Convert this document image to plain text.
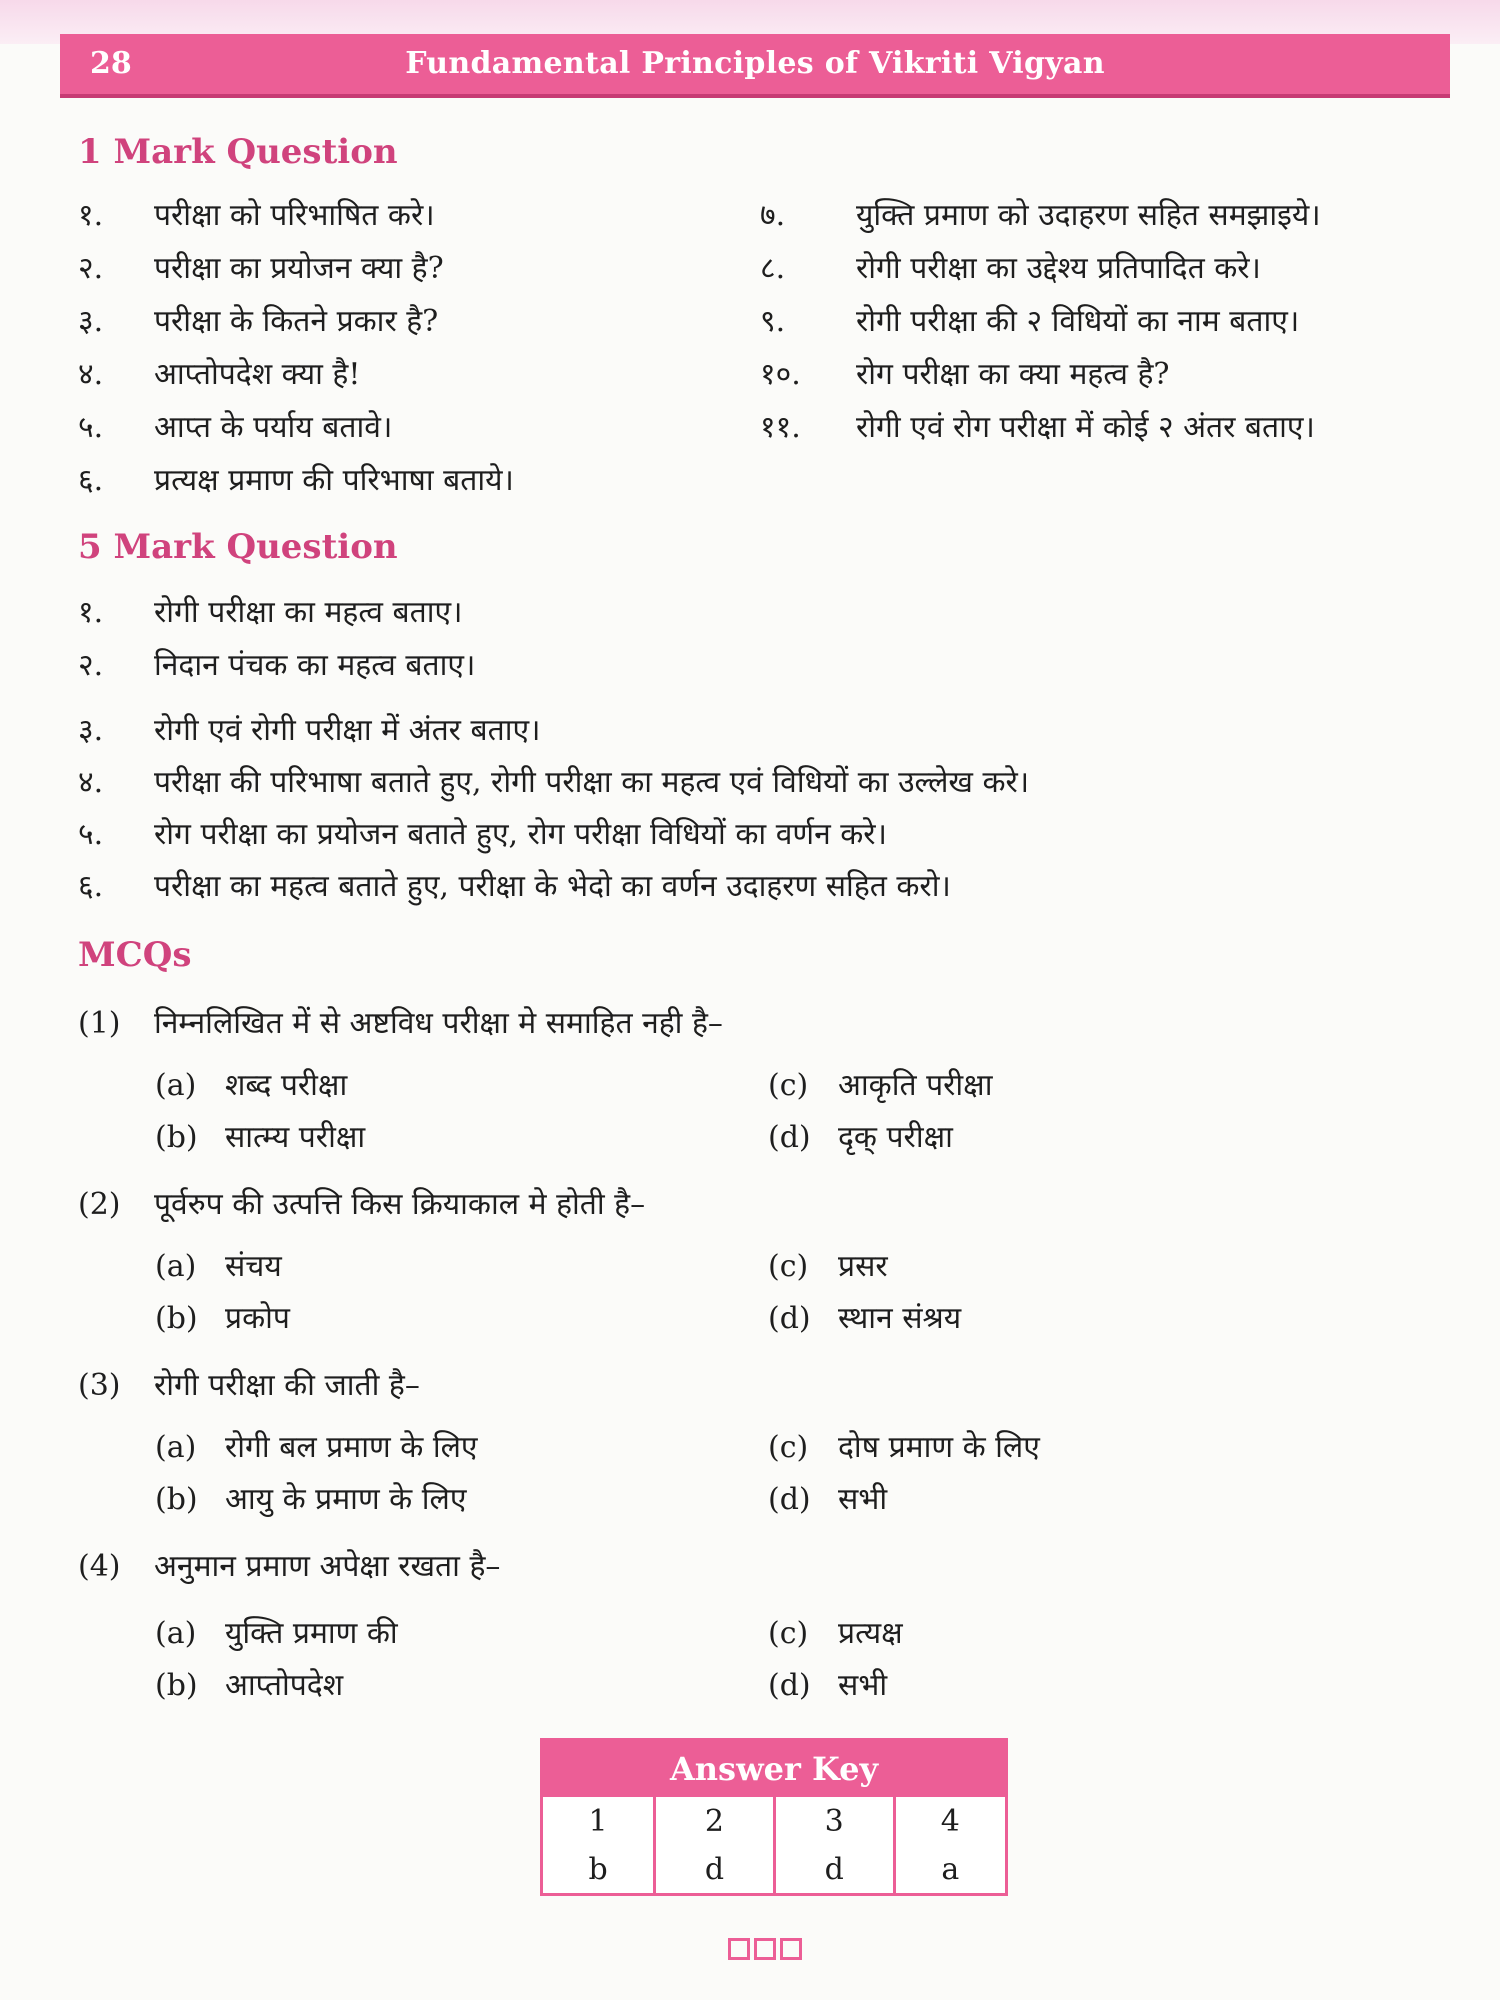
28	Fundamental Principles of Vikriti Vigyan
1 Mark Question
१. परीक्षा को परिभाषित करे।
२. परीक्षा का प्रयोजन क्या है?
३. परीक्षा के कितने प्रकार है?
४. आप्तोपदेश क्या है!
५. आप्त के पर्याय बतावे।
६. प्रत्यक्ष प्रमाण की परिभाषा बताये।
७. युक्ति प्रमाण को उदाहरण सहित समझाइये।
८. रोगी परीक्षा का उद्देश्य प्रतिपादित करे।
९. रोगी परीक्षा की २ विधियों का नाम बताए।
१०. रोग परीक्षा का क्या महत्व है?
११. रोगी एवं रोग परीक्षा में कोई २ अंतर बताए।
5 Mark Question
१. रोगी परीक्षा का महत्व बताए।
२. निदान पंचक का महत्व बताए।
३. रोगी एवं रोगी परीक्षा में अंतर बताए।
४. परीक्षा की परिभाषा बताते हुए, रोगी परीक्षा का महत्व एवं विधियों का उल्लेख करे।
५. रोग परीक्षा का प्रयोजन बताते हुए, रोग परीक्षा विधियों का वर्णन करे।
६. परीक्षा का महत्व बताते हुए, परीक्षा के भेदो का वर्णन उदाहरण सहित करो।
MCQs
(1) निम्नलिखित में से अष्टविध परीक्षा मे समाहित नही है–
(a) शब्द परीक्षा
(b) सात्म्य परीक्षा
(c) आकृति परीक्षा
(d) दृक् परीक्षा
(2) पूर्वरुप की उत्पत्ति किस क्रियाकाल मे होती है–
(a) संचय
(b) प्रकोप
(c) प्रसर
(d) स्थान संश्रय
(3) रोगी परीक्षा की जाती है–
(a) रोगी बल प्रमाण के लिए
(b) आयु के प्रमाण के लिए
(c) दोष प्रमाण के लिए
(d) सभी
(4) अनुमान प्रमाण अपेक्षा रखता है–
(a) युक्ति प्रमाण की
(b) आप्तोपदेश
(c) प्रत्यक्ष
(d) सभी
Answer Key
1	2	3	4
b	d	d	a
